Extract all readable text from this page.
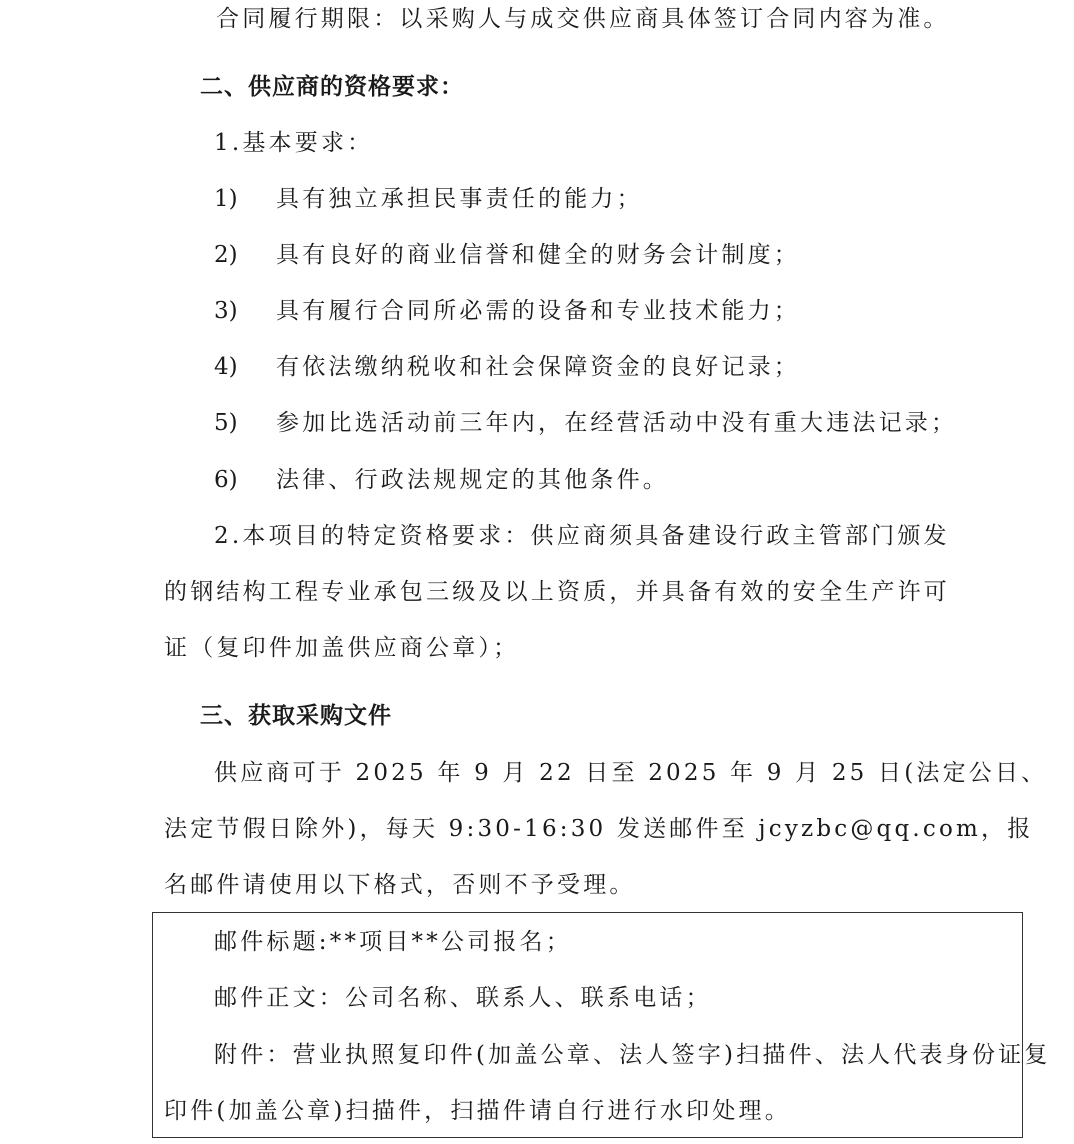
合同履行期限：以采购人与成交供应商具体签订合同内容为准。
二、供应商的资格要求：
1.基本要求：
1) 具有独立承担民事责任的能力；
2) 具有良好的商业信誉和健全的财务会计制度；
3) 具有履行合同所必需的设备和专业技术能力；
4) 有依法缴纳税收和社会保障资金的良好记录；
5) 参加比选活动前三年内，在经营活动中没有重大违法记录；
6) 法律、行政法规规定的其他条件。
2.本项目的特定资格要求：供应商须具备建设行政主管部门颁发
的钢结构工程专业承包三级及以上资质，并具备有效的安全生产许可
证（复印件加盖供应商公章）；
三、获取采购文件
供应商可于 2025 年 9 月 22 日至 2025 年 9 月 25 日(法定公日、
法定节假日除外)，每天 9:30-16:30 发送邮件至 jcyzbc@qq.com，报
名邮件请使用以下格式，否则不予受理。
邮件标题:**项目**公司报名；
邮件正文：公司名称、联系人、联系电话；
附件：营业执照复印件(加盖公章、法人签字)扫描件、法人代表身份证复
印件(加盖公章)扫描件，扫描件请自行进行水印处理。
